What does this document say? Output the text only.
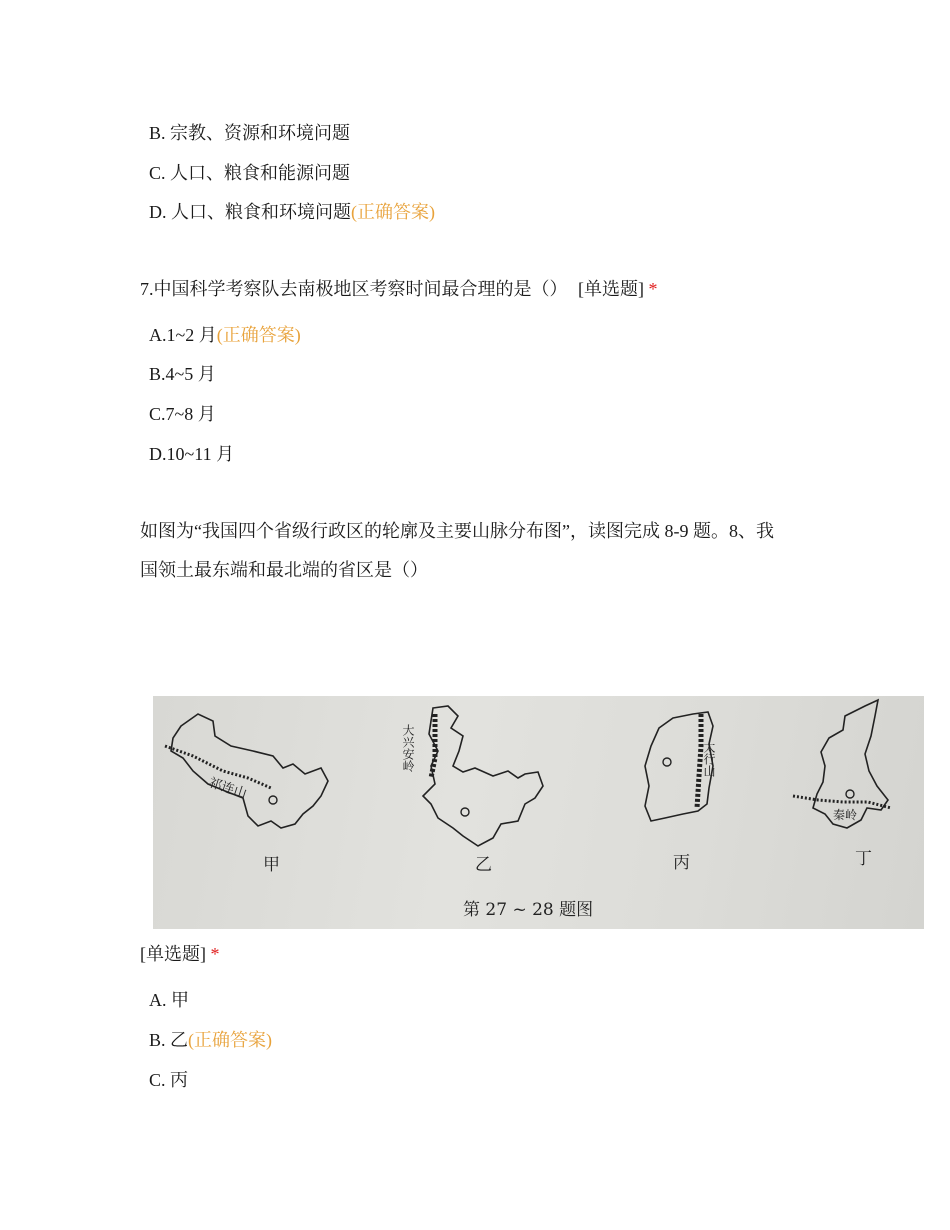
B. 宗教、资源和环境问题
C. 人口、粮食和能源问题
D. 人口、粮食和环境问题(正确答案)
7.中国科学考察队去南极地区考察时间最合理的是（） [单选题] *
A.1~2 月(正确答案)
B.4~5 月
C.7~8 月
D.10~11 月
如图为“我国四个省级行政区的轮廓及主要山脉分布图”，读图完成 8-9 题。8、我
国领土最东端和最北端的省区是（）
祁连山
甲
大兴安岭
乙
太行山
丙
秦岭
丁
第 27 ~ 28 题图
[单选题] *
A. 甲
B. 乙(正确答案)
C. 丙
